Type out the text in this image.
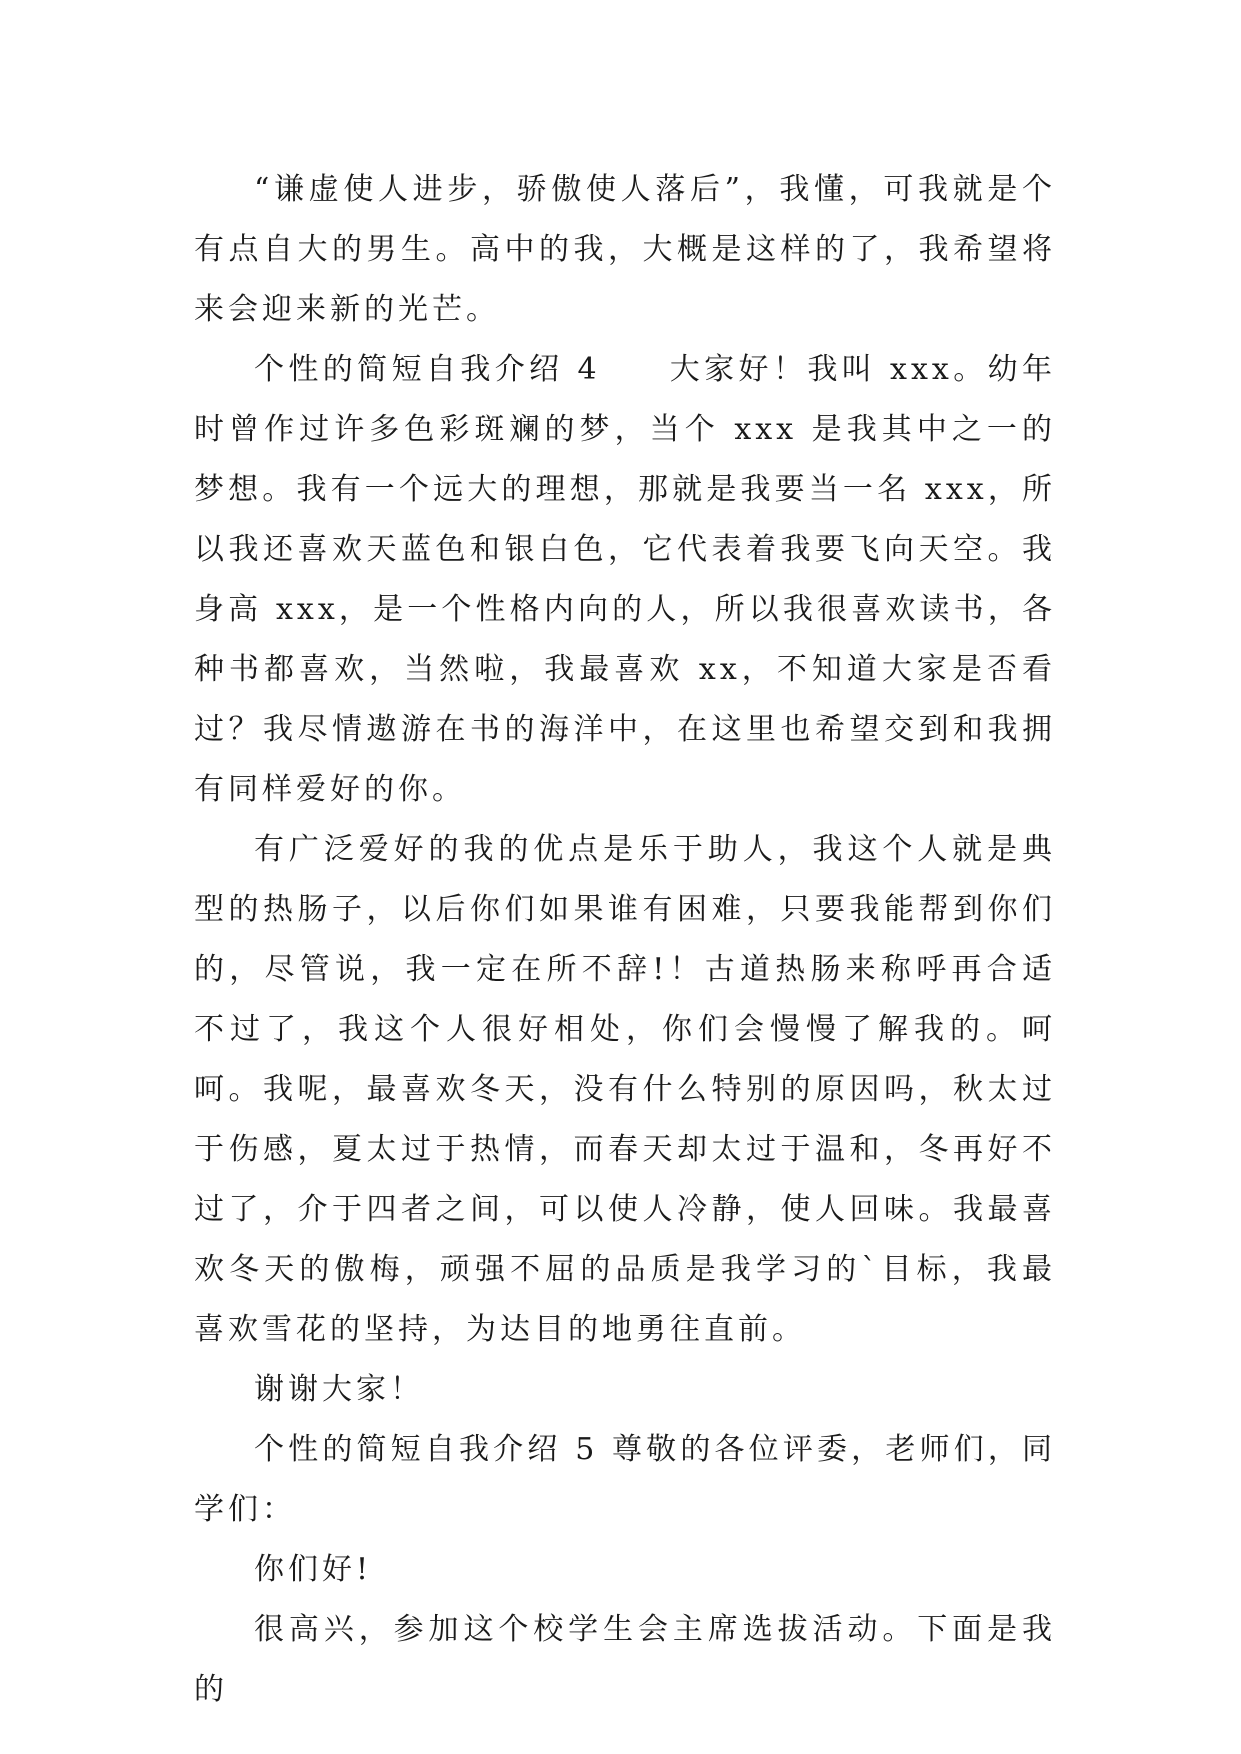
“谦虚使人进步，骄傲使人落后”，我懂，可我就是个有点自大的男生。高中的我，大概是这样的了，我希望将来会迎来新的光芒。

个性的简短自我介绍 4　　大家好！我叫 xxx。幼年时曾作过许多色彩斑斓的梦，当个 xxx 是我其中之一的梦想。我有一个远大的理想，那就是我要当一名 xxx，所以我还喜欢天蓝色和银白色，它代表着我要飞向天空。我身高 xxx，是一个性格内向的人，所以我很喜欢读书，各种书都喜欢，当然啦，我最喜欢 xx，不知道大家是否看过？我尽情遨游在书的海洋中，在这里也希望交到和我拥有同样爱好的你。

有广泛爱好的我的优点是乐于助人，我这个人就是典型的热肠子，以后你们如果谁有困难，只要我能帮到你们的，尽管说，我一定在所不辞!！古道热肠来称呼再合适不过了，我这个人很好相处，你们会慢慢了解我的。呵呵。我呢，最喜欢冬天，没有什么特别的原因吗，秋太过于伤感，夏太过于热情，而春天却太过于温和，冬再好不过了，介于四者之间，可以使人冷静，使人回味。我最喜欢冬天的傲梅，顽强不屈的品质是我学习的`目标，我最喜欢雪花的坚持，为达目的地勇往直前。

谢谢大家！

个性的简短自我介绍 5 尊敬的各位评委，老师们，同学们：

你们好!

很高兴，参加这个校学生会主席选拔活动。下面是我的
